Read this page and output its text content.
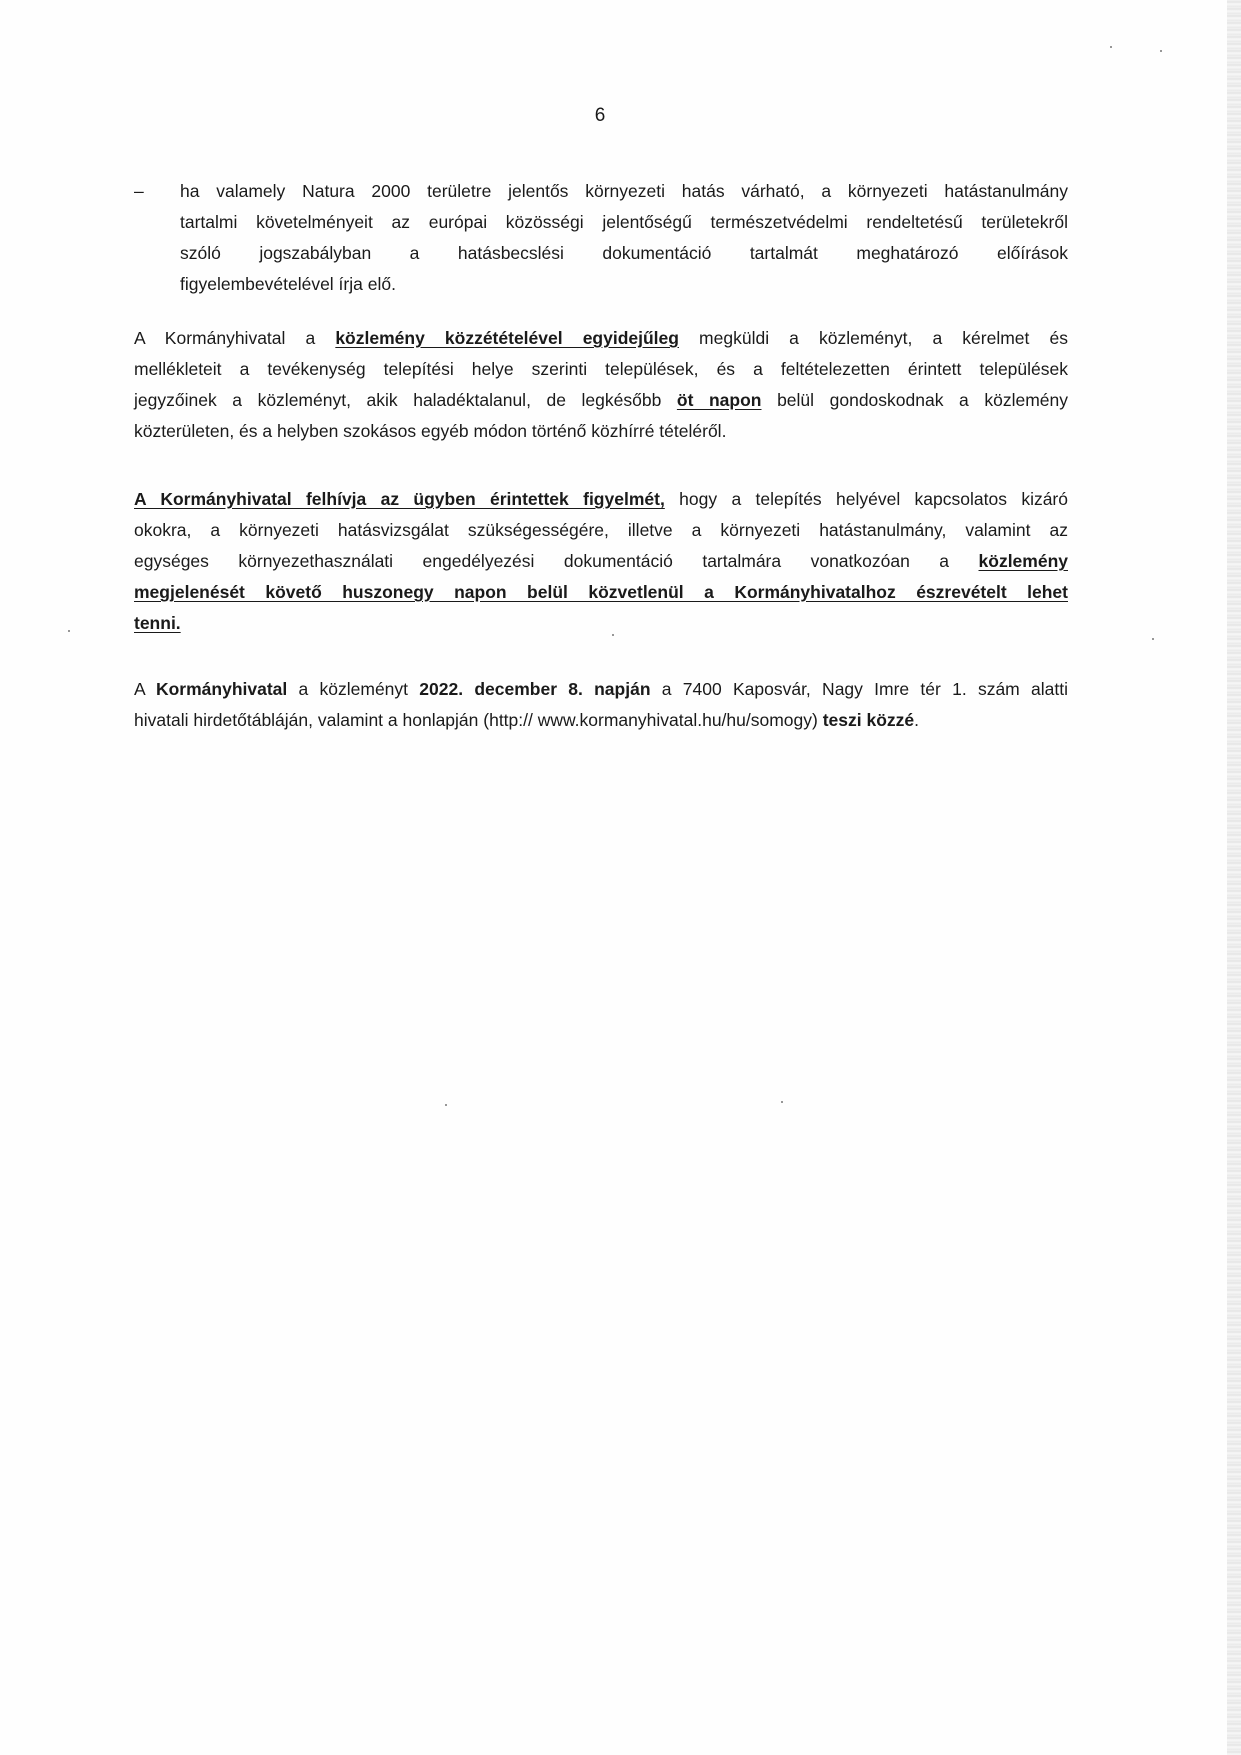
6
– ha valamely Natura 2000 területre jelentős környezeti hatás várható, a környezeti hatástanulmány
tartalmi követelményeit az európai közösségi jelentőségű természetvédelmi rendeltetésű területekről
szóló jogszabályban a hatásbecslési dokumentáció tartalmát meghatározó előírások
figyelembevételével írja elő.
A Kormányhivatal a közlemény közzétételével egyidejűleg megküldi a közleményt, a kérelmet és
mellékleteit a tevékenység telepítési helye szerinti települések, és a feltételezetten érintett települések
jegyzőinek a közleményt, akik haladéktalanul, de legkésőbb öt napon belül gondoskodnak a közlemény
közterületen, és a helyben szokásos egyéb módon történő közhírré tételéről.
A Kormányhivatal felhívja az ügyben érintettek figyelmét, hogy a telepítés helyével kapcsolatos kizáró
okokra, a környezeti hatásvizsgálat szükségességére, illetve a környezeti hatástanulmány, valamint az
egységes környezethasználati engedélyezési dokumentáció tartalmára vonatkozóan a közlemény
megjelenését követő huszonegy napon belül közvetlenül a Kormányhivatalhoz észrevételt lehet
tenni.
A Kormányhivatal a közleményt 2022. december 8. napján a 7400 Kaposvár, Nagy Imre tér 1. szám alatti
hivatali hirdetőtábláján, valamint a honlapján (http:// www.kormanyhivatal.hu/hu/somogy) teszi közzé.
